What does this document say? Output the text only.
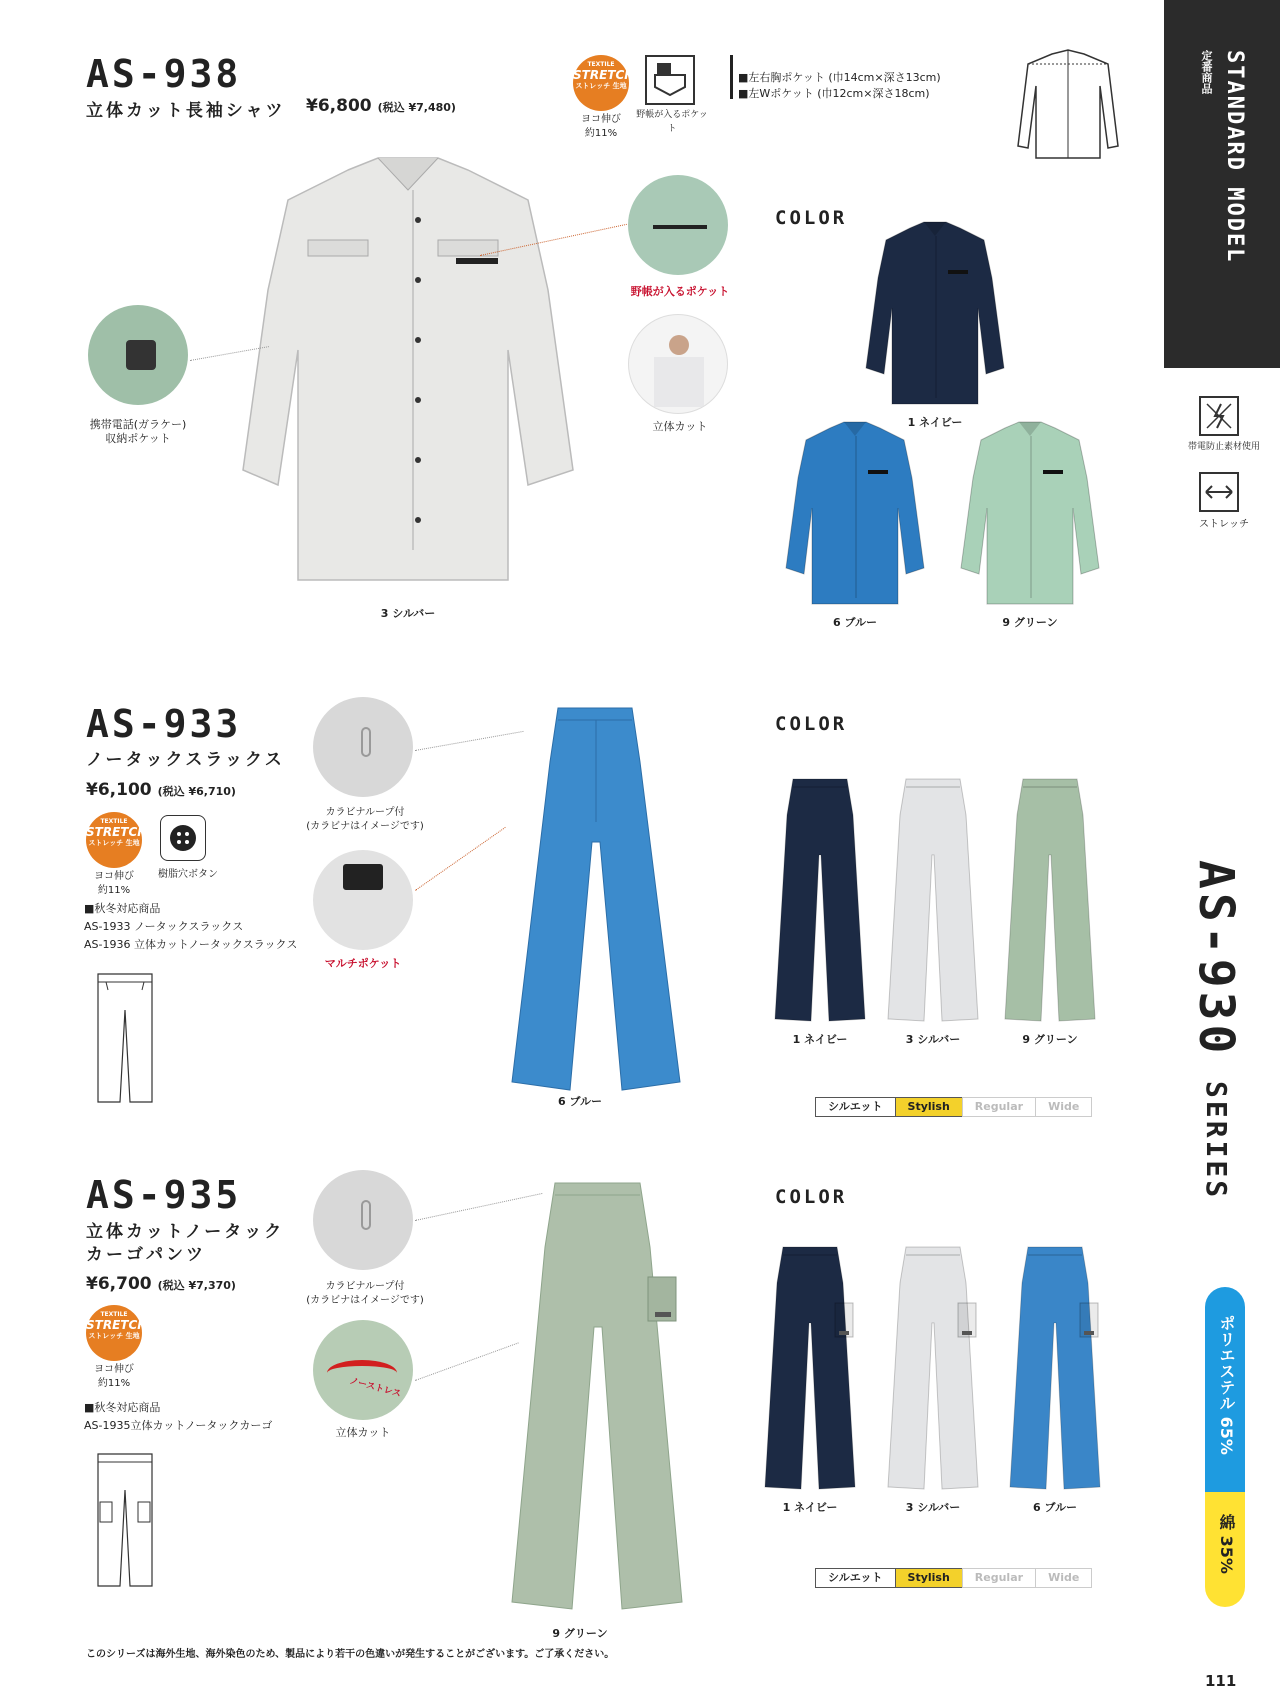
STANDARD MODEL
定番商品
帯電防止素材使用
ストレッチ
AS-930 SERIES
ポリエステル 65%
綿 35%
AS-938
立体カット長袖シャツ ¥6,800 (税込 ¥7,480)
TEXTILE
STRETCH
ストレッチ 生地
ヨコ伸び
約11%
野帳が入るポケット
■左右胸ポケット (巾14cm×深さ13cm)
■左Wポケット (巾12cm×深さ18cm)
3 シルバー
携帯電話(ガラケー)
収納ポケット
野帳が入るポケット
立体カット
COLOR
1 ネイビー
6 ブルー	9 グリーン
AS-933
ノータックスラックス
¥6,100 (税込 ¥6,710)
TEXTILE
STRETCH
ストレッチ 生地
ヨコ伸び
約11%
樹脂穴ボタン
■秋冬対応商品
AS-1933 ノータックスラックス
AS-1936 立体カットノータックスラックス
6 ブルー
カラビナループ付
(カラビナはイメージです)
マルチポケット
COLOR
1 ネイビー	3 シルバー	9 グリーン
シルエット	Stylish	Regular	Wide
AS-935
立体カットノータック
カーゴパンツ
¥6,700 (税込 ¥7,370)
TEXTILE
STRETCH
ストレッチ 生地
ヨコ伸び
約11%
■秋冬対応商品
AS-1935立体カットノータックカーゴ
9 グリーン
カラビナループ付
(カラビナはイメージです)
ノーストレス
立体カット
COLOR
1 ネイビー	3 シルバー	6 ブルー
シルエット	Stylish	Regular	Wide
このシリーズは海外生地、海外染色のため、製品により若干の色違いが発生することがございます。ご了承ください。
111
